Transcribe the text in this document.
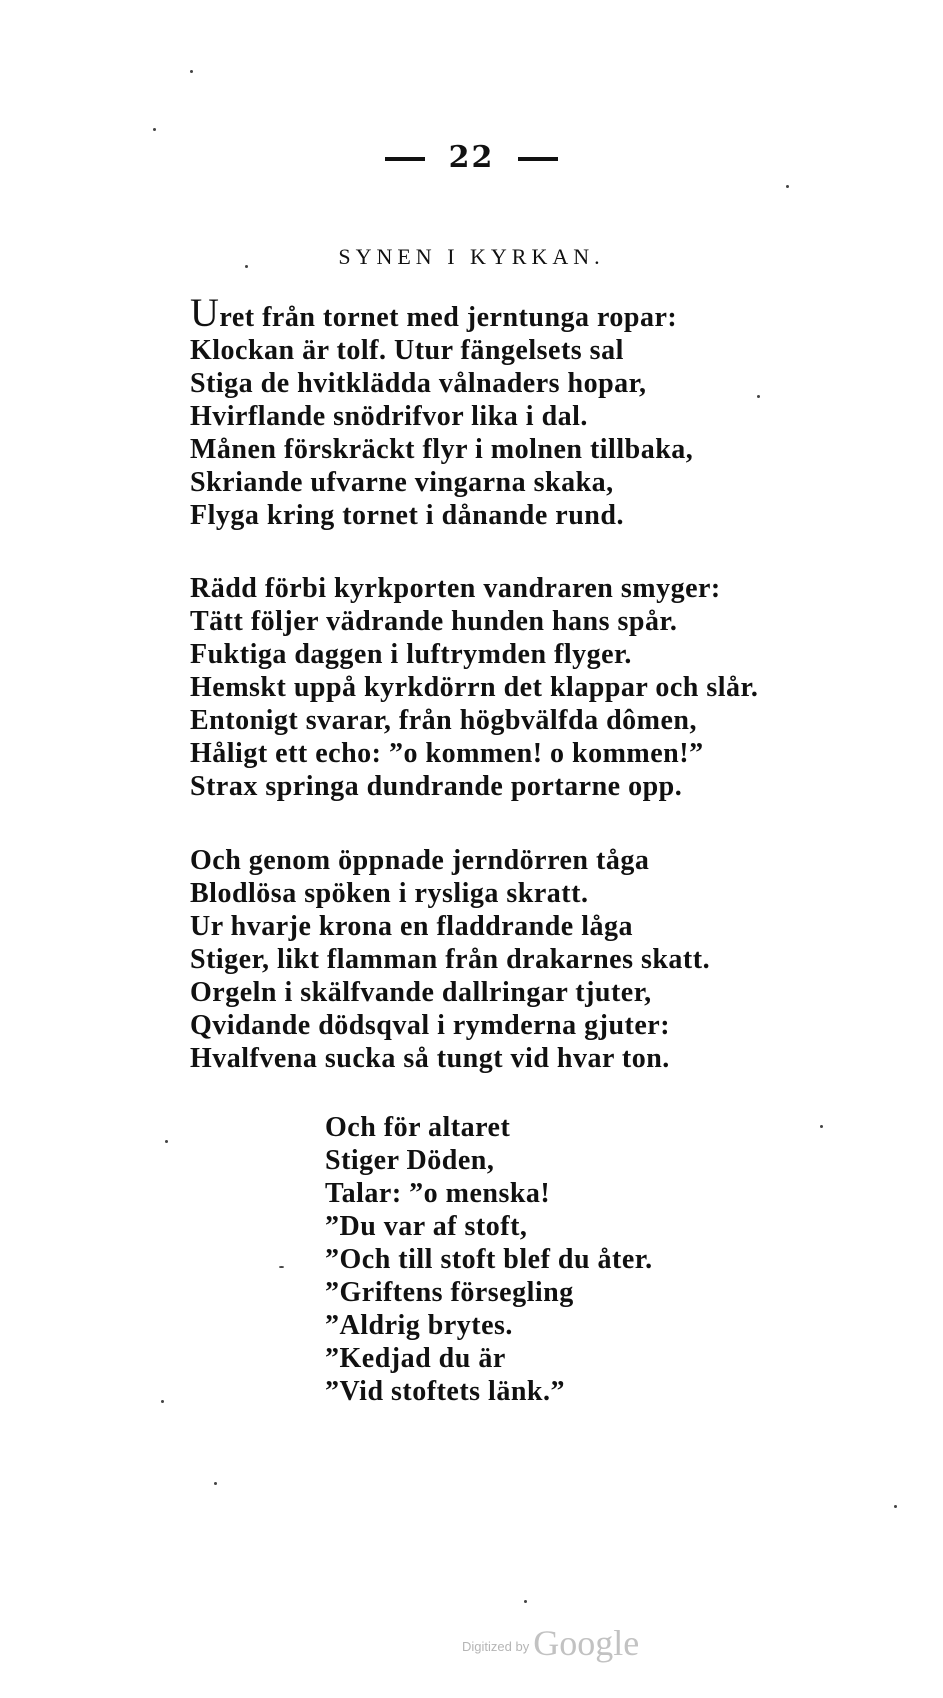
22
SYNEN I KYRKAN.
Uret från tornet med jerntunga ropar:
Klockan är tolf. Utur fängelsets sal
Stiga de hvitklädda vålnaders hopar,
Hvirflande snödrifvor lika i dal.
Månen förskräckt flyr i molnen tillbaka,
Skriande ufvarne vingarna skaka,
Flyga kring tornet i dånande rund.
Rädd förbi kyrkporten vandraren smyger:
Tätt följer vädrande hunden hans spår.
Fuktiga daggen i luftrymden flyger.
Hemskt uppå kyrkdörrn det klappar och slår.
Entonigt svarar, från högbvälfda dômen,
Håligt ett echo: ”o kommen! o kommen!”
Strax springa dundrande portarne opp.
Och genom öppnade jerndörren tåga
Blodlösa spöken i rysliga skratt.
Ur hvarje krona en fladdrande låga
Stiger, likt flamman från drakarnes skatt.
Orgeln i skälfvande dallringar tjuter,
Qvidande dödsqval i rymderna gjuter:
Hvalfvena sucka så tungt vid hvar ton.
Och för altaret
Stiger Döden,
Talar: ”o menska!
”Du var af stoft,
”Och till stoft blef du åter.
”Griftens försegling
”Aldrig brytes.
”Kedjad du är
”Vid stoftets länk.”
Digitized by Google
